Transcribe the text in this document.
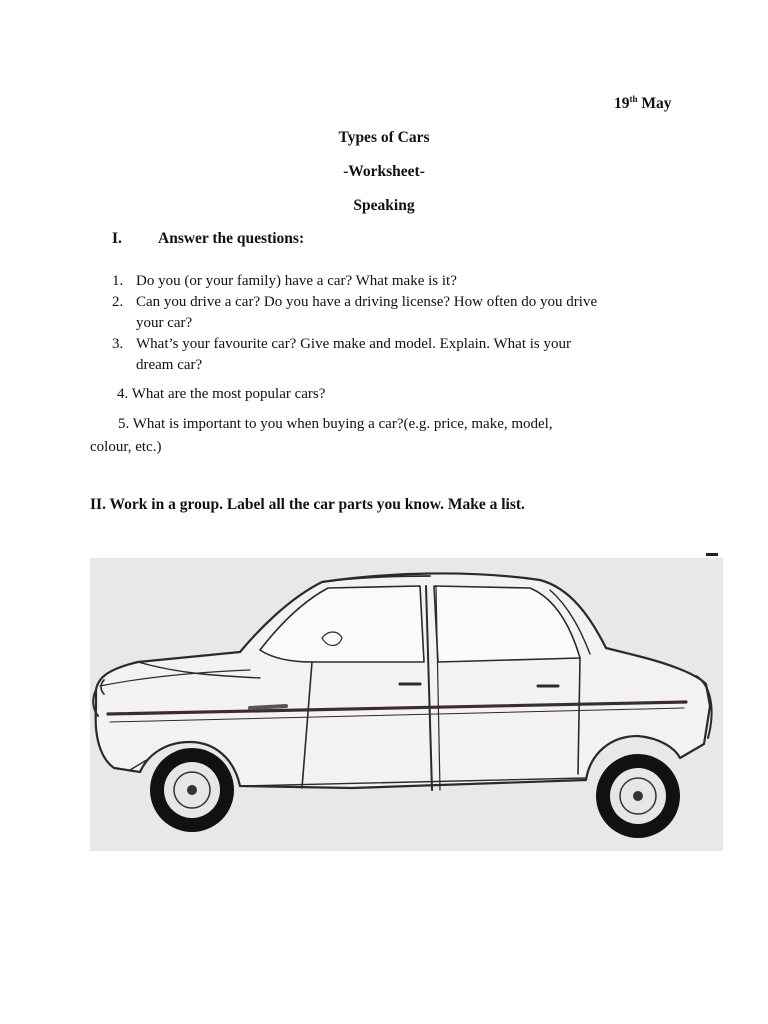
19th May
Types of Cars
-Worksheet-
Speaking
I. Answer the questions:
1. Do you (or your family) have a car? What make is it?
2. Can you drive a car? Do you have a driving license? How often do you drive
your car?
3. What’s your favourite car? Give make and model. Explain. What is your
dream car?
4. What are the most popular cars?
5. What is important to you when buying a car?(e.g. price, make, model,
colour, etc.)
II. Work in a group. Label all the car parts you know. Make a list.
